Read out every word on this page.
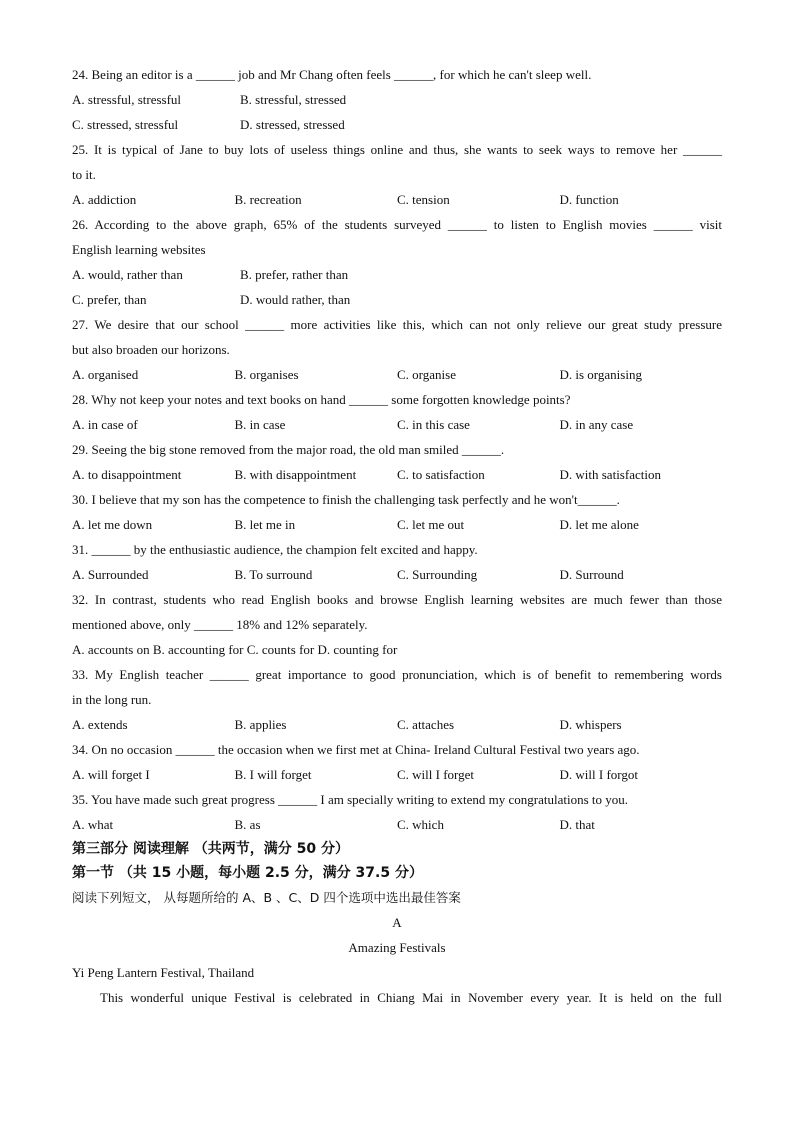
24. Being an editor is a ______ job and Mr Chang often feels ______, for which he can't sleep well.
A. stressful, stressful	B. stressful, stressed
C. stressed, stressful	D. stressed, stressed
25. It is typical of Jane to buy lots of useless things online and thus, she wants to seek ways to remove her ______
to it.
A. addiction	B. recreation	C. tension	D. function
26. According to the above graph, 65% of the students surveyed ______ to listen to English movies ______ visit
English learning websites
A. would, rather than	B. prefer, rather than
C. prefer, than	D. would rather, than
27. We desire that our school ______ more activities like this, which can not only relieve our great study pressure
but also broaden our horizons.
A. organised	B. organises	C. organise	D. is organising
28. Why not keep your notes and text books on hand ______ some forgotten knowledge points?
A. in case of	B. in case	C. in this case	D. in any case
29. Seeing the big stone removed from the major road, the old man smiled ______.
A. to disappointment	B. with disappointment	C. to satisfaction	D. with satisfaction
30. I believe that my son has the competence to finish the challenging task perfectly and he won't______.
A. let me down	B. let me in	C. let me out	D. let me alone
31. ______ by the enthusiastic audience, the champion felt excited and happy.
A. Surrounded	B. To surround	C. Surrounding	D. Surround
32. In contrast, students who read English books and browse English learning websites are much fewer than those
mentioned above, only ______ 18% and 12% separately.
A. accounts on B. accounting for C. counts for D. counting for
33. My English teacher ______ great importance to good pronunciation, which is of benefit to remembering words
in the long run.
A. extends	B. applies	C. attaches	D. whispers
34. On no occasion ______ the occasion when we first met at China- Ireland Cultural Festival two years ago.
A. will forget I	B. I will forget	C. will I forget	D. will I forgot
35. You have made such great progress ______ I am specially writing to extend my congratulations to you.
A. what	B. as	C. which	D. that
第三部分 阅读理解 （共两节，满分 50 分）
第一节 （共 15 小题，每小题 2.5 分，满分 37.5 分）
阅读下列短文， 从每题所给的 A、B 、C、D 四个选项中选出最佳答案
A
Amazing Festivals
Yi Peng Lantern Festival, Thailand
This wonderful unique Festival is celebrated in Chiang Mai in November every year. It is held on the full
